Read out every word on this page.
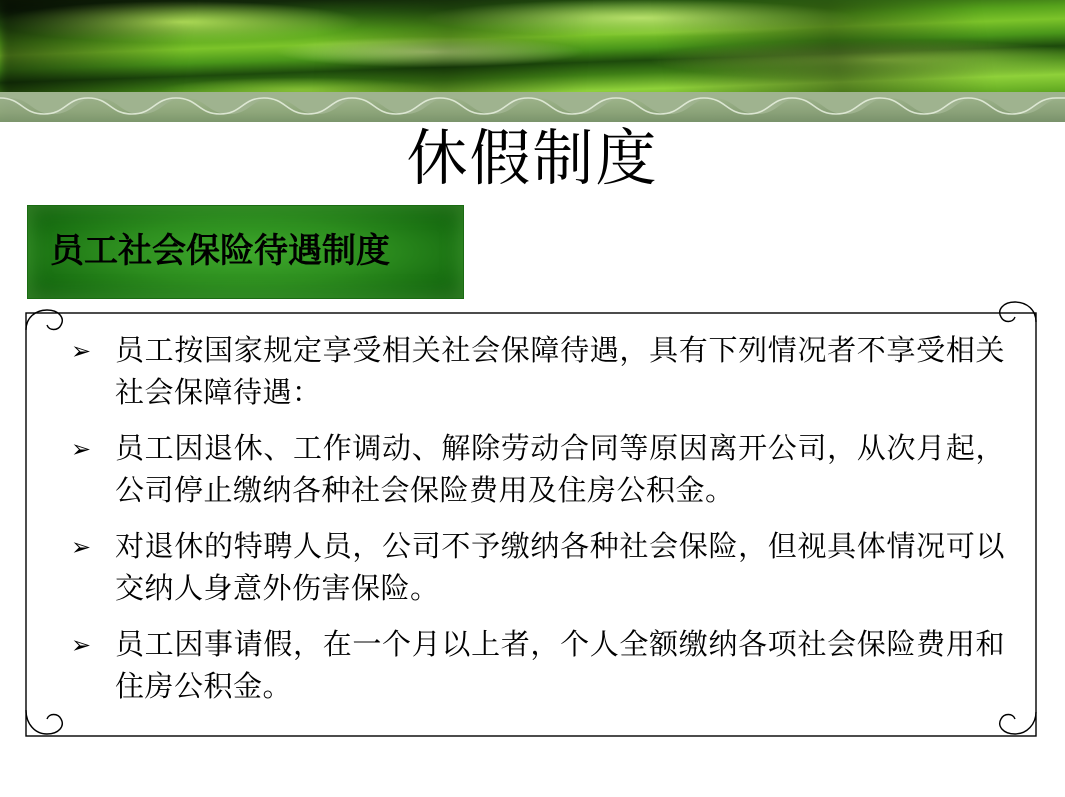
休假制度
员工社会保险待遇制度
➢ 员工按国家规定享受相关社会保障待遇，具有下列情况者不享受相关社会保障待遇：
➢ 员工因退休、工作调动、解除劳动合同等原因离开公司，从次月起，公司停止缴纳各种社会保险费用及住房公积金。
➢ 对退休的特聘人员，公司不予缴纳各种社会保险，但视具体情况可以交纳人身意外伤害保险。
➢ 员工因事请假，在一个月以上者，个人全额缴纳各项社会保险费用和住房公积金。
